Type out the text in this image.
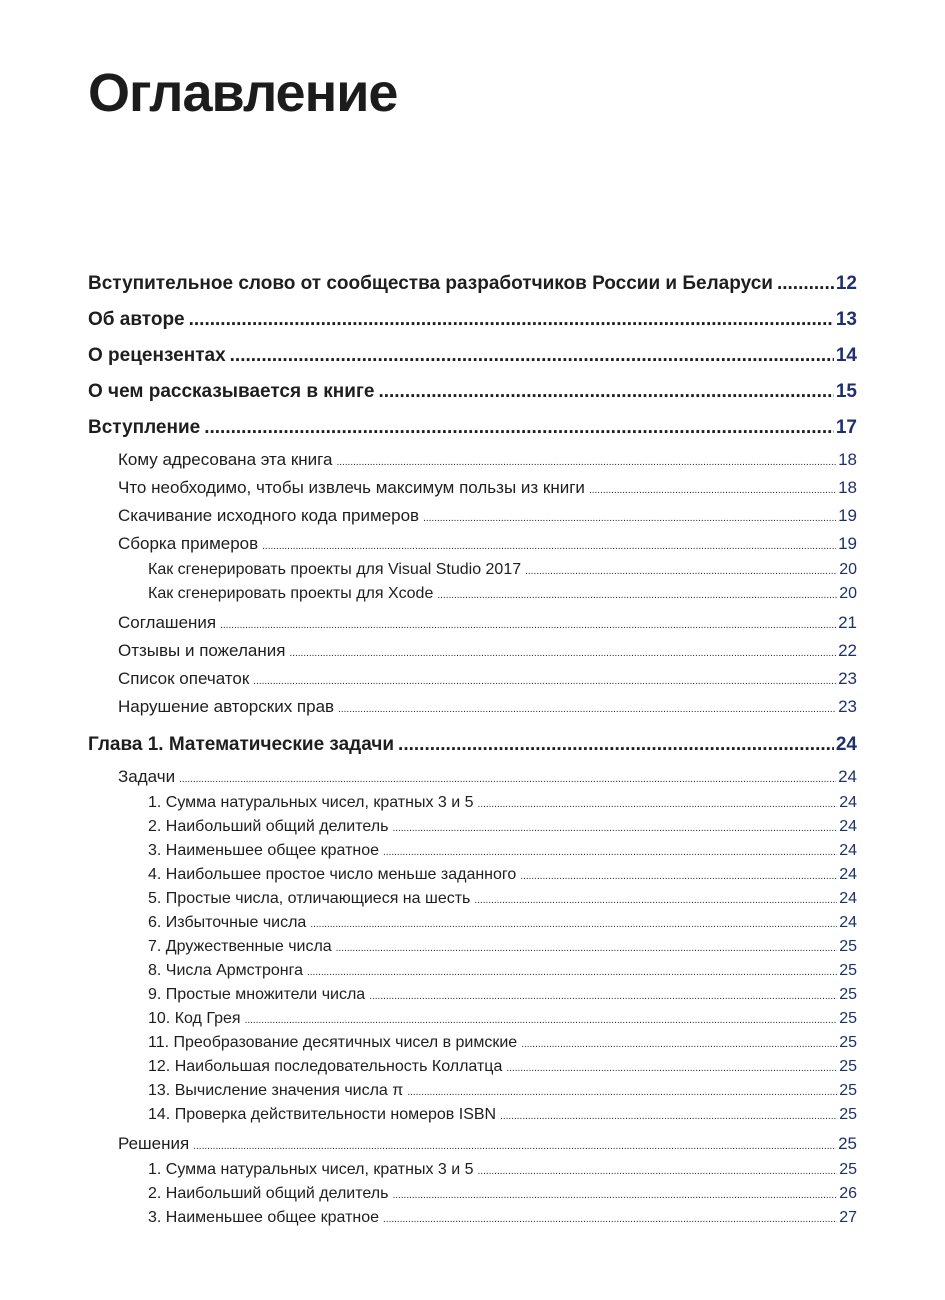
Оглавление
Вступительное слово от сообщества разработчиков России и Беларуси .....	12
Об авторе .....	13
О рецензентах .....	14
О чем рассказывается в книге .....	15
Вступление .....	17
Кому адресована эта книга .....	18
Что необходимо, чтобы извлечь максимум пользы из книги .....	18
Скачивание исходного кода примеров .....	19
Сборка примеров .....	19
Как сгенерировать проекты для Visual Studio 2017 .....	20
Как сгенерировать проекты для Xcode .....	20
Соглашения .....	21
Отзывы и пожелания .....	22
Список опечаток .....	23
Нарушение авторских прав .....	23
Глава 1. Математические задачи .....	24
Задачи .....	24
1. Сумма натуральных чисел, кратных 3 и 5 .....	24
2. Наибольший общий делитель .....	24
3. Наименьшее общее кратное .....	24
4. Наибольшее простое число меньше заданного .....	24
5. Простые числа, отличающиеся на шесть .....	24
6. Избыточные числа .....	24
7. Дружественные числа .....	25
8. Числа Армстронга .....	25
9. Простые множители числа .....	25
10. Код Грея .....	25
11. Преобразование десятичных чисел в римские .....	25
12. Наибольшая последовательность Коллатца .....	25
13. Вычисление значения числа π .....	25
14. Проверка действительности номеров ISBN .....	25
Решения .....	25
1. Сумма натуральных чисел, кратных 3 и 5 .....	25
2. Наибольший общий делитель .....	26
3. Наименьшее общее кратное .....	27
